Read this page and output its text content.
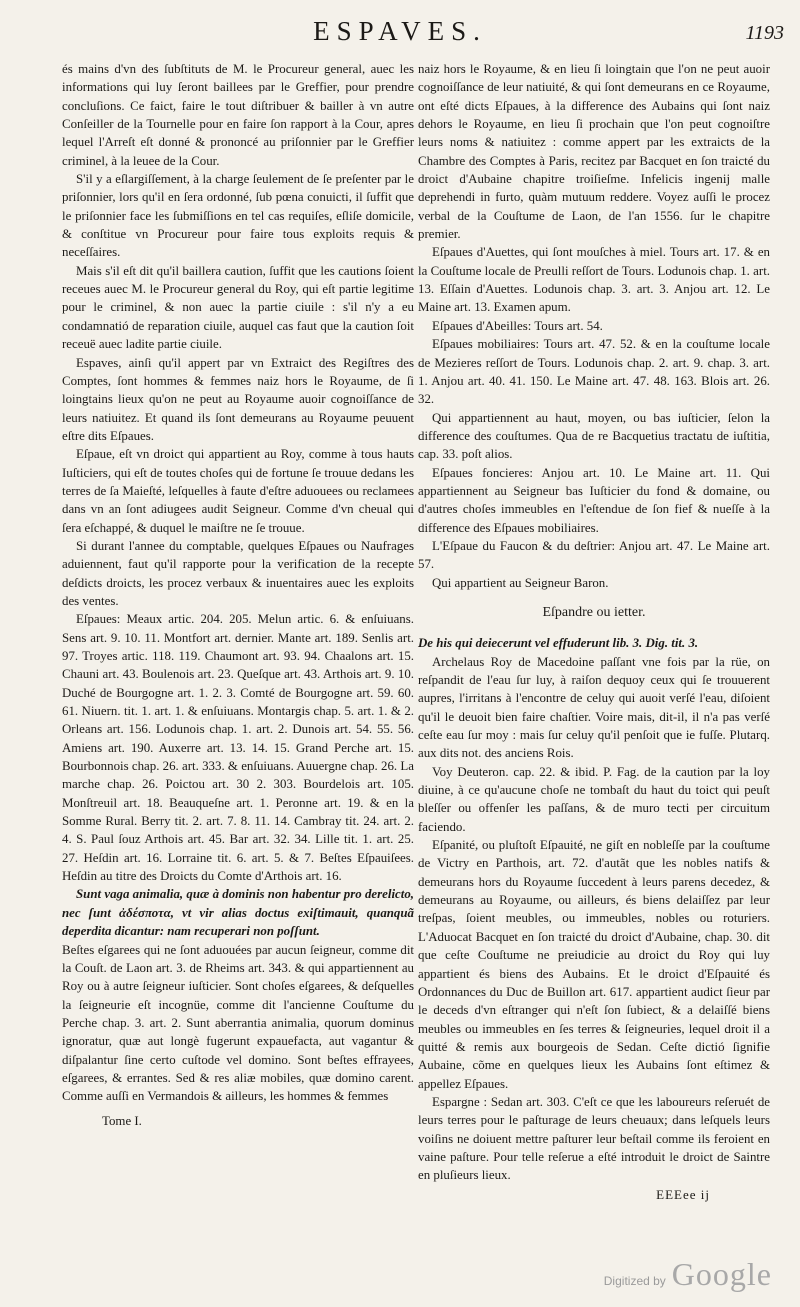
ESPAVES.	1193

és mains d'vn des ſubſtituts de M. le Procureur general, auec les informations qui luy ſeront baillees par le Greffier, pour prendre concluſions. Ce faict, faire le tout diſtribuer & bailler à vn autre Conſeiller de la Tournelle pour en faire ſon rapport à la Cour, apres lequel l'Arreſt eſt donné & prononcé au priſonnier par le Greffier criminel, à la leuee de la Cour.

S'il y a eſlargiſſement, à la charge ſeulement de ſe preſenter par le priſonnier, lors qu'il en ſera ordonné, ſub pœna conuicti, il ſuffit que le priſonnier face les ſubmiſſions en tel cas requiſes, eſliſe domicile, & conſtitue vn Procureur pour faire tous exploits requis & neceſſaires.

Mais s'il eſt dit qu'il baillera caution, ſuffit que les cautions ſoient receues auec M. le Procureur general du Roy, qui eſt partie legitime pour le criminel, & non auec la partie ciuile : s'il n'y a eu condamnatió de reparation ciuile, auquel cas faut que la caution ſoit receuë auec ladite partie ciuile.

Espaves, ainſi qu'il appert par vn Extraict des Regiſtres des Comptes, ſont hommes & femmes naiz hors le Royaume, de ſi loingtains lieux qu'on ne peut au Royaume auoir cognoiſſance de leurs natiuitez. Et quand ils ſont demeurans au Royaume peuuent eſtre dits Eſpaues.

Eſpaue, eſt vn droict qui appartient au Roy, comme à tous hauts Iuſticiers, qui eſt de toutes choſes qui de fortune ſe trouue dedans les terres de ſa Maieſté, leſquelles à faute d'eſtre aduouees ou reclamees dans vn an ſont adiugees audit Seigneur. Comme d'vn cheual qui ſera eſchappé, & duquel le maiſtre ne ſe trouue.

Si durant l'annee du comptable, quelques Eſpaues ou Naufrages aduiennent, faut qu'il rapporte pour la verification de la recepte deſdicts droicts, les procez verbaux & inuentaires auec les exploits des ventes.

Eſpaues: Meaux artic. 204. 205. Melun artic. 6. & enſuiuans. Sens art. 9. 10. 11. Montfort art. dernier. Mante art. 189. Senlis art. 97. Troyes artic. 118. 119. Chaumont art. 93. 94. Chaalons art. 15. Chauni art. 43. Boulenois art. 23. Queſque art. 43. Arthois art. 9. 10. Duché de Bourgogne art. 1. 2. 3. Comté de Bourgogne art. 59. 60. 61. Niuern. tit. 1. art. 1. & enſuiuans. Montargis chap. 5. art. 1. & 2. Orleans art. 156. Lodunois chap. 1. art. 2. Dunois art. 54. 55. 56. Amiens art. 190. Auxerre art. 13. 14. 15. Grand Perche art. 15. Bourbonnois chap. 26. art. 333. & enſuiuans. Auuergne chap. 26. La marche chap. 26. Poictou art. 30 2. 303. Bourdelois art. 105. Monſtreuil art. 18. Beauqueſne art. 1. Peronne art. 19. & en la Somme Rural. Berry tit. 2. art. 7. 8. 11. 14. Cambray tit. 24. art. 2. 4. S. Paul ſouz Arthois art. 45. Bar art. 32. 34. Lille tit. 1. art. 25. 27. Heſdin art. 16. Lorraine tit. 6. art. 5. & 7. Beſtes Eſpauiſees. Heſdin au titre des Droicts du Comte d'Arthois art. 16.

Sunt vaga animalia, quæ à dominis non habentur pro derelicto, nec ſunt ἀδέσποτα, vt vir alias doctus exiſtimauit, quanquã deperdita dicantur: nam recuperari non poſſunt.

Beſtes eſgarees qui ne ſont aduouées par aucun ſeigneur, comme dit la Couſt. de Laon art. 3. de Rheims art. 343. & qui appartiennent au Roy ou à autre ſeigneur iuſticier. Sont choſes eſgarees, & deſquelles la ſeigneurie eſt incognüe, comme dit l'ancienne Couſtume du Perche chap. 3. art. 2. Sunt aberrantia animalia, quorum dominus ignoratur, quæ aut longè fugerunt expauefacta, aut vagantur & diſpalantur ſine certo cuſtode vel domino. Sont beſtes effrayees, eſgarees, & errantes. Sed & res aliæ mobiles, quæ domino carent. Comme auſſi en Vermandois & ailleurs, les hommes & femmes

Tome I.

naiz hors le Royaume, & en lieu ſi loingtain que l'on ne peut auoir cognoiſſance de leur natiuité, & qui ſont demeurans en ce Royaume, ont eſté dicts Eſpaues, à la difference des Aubains qui ſont naiz dehors le Royaume, en lieu ſi prochain que l'on peut cognoiſtre leurs noms & natiuitez : comme appert par les extraicts de la Chambre des Comptes à Paris, recitez par Bacquet en ſon traicté du droict d'Aubaine chapitre troiſieſme. Infelicis ingenij malle deprehendi in furto, quàm mutuum reddere. Voyez auſſi le procez verbal de la Couſtume de Laon, de l'an 1556. ſur le chapitre premier.

Eſpaues d'Auettes, qui ſont mouſches à miel. Tours art. 17. & en la Couſtume locale de Preulli reſſort de Tours. Lodunois chap. 1. art. 13. Eſſain d'Auettes. Lodunois chap. 3. art. 3. Anjou art. 12. Le Maine art. 13. Examen apum.

Eſpaues d'Abeilles: Tours art. 54.

Eſpaues mobiliaires: Tours art. 47. 52. & en la couſtume locale de Mezieres reſſort de Tours. Lodunois chap. 2. art. 9. chap. 3. art. 1. Anjou art. 40. 41. 150. Le Maine art. 47. 48. 163. Blois art. 26. 32.

Qui appartiennent au haut, moyen, ou bas iuſticier, ſelon la difference des couſtumes. Qua de re Bacquetius tractatu de iuſtitia, cap. 33. poſt alios.

Eſpaues foncieres: Anjou art. 10. Le Maine art. 11. Qui appartiennent au Seigneur bas Iuſticier du fond & domaine, ou d'autres choſes immeubles en l'eſtendue de ſon fief & nueſſe à la difference des Eſpaues mobiliaires.

L'Eſpaue du Faucon & du deſtrier: Anjou art. 47. Le Maine art. 57.

Qui appartient au Seigneur Baron.

Eſpandre ou ietter.

De his qui deiecerunt vel effuderunt lib. 3. Dig. tit. 3.

Archelaus Roy de Macedoine paſſant vne fois par la rüe, on reſpandit de l'eau ſur luy, à raiſon dequoy ceux qui ſe trouuerent aupres, l'irritans à l'encontre de celuy qui auoit verſé l'eau, diſoient qu'il le deuoit bien faire chaſtier. Voire mais, dit-il, il n'a pas verſé ceſte eau ſur moy : mais ſur celuy qu'il penſoit que ie fuſſe. Plutarq. aux dits not. des anciens Rois.

Voy Deuteron. cap. 22. & ibid. P. Fag. de la caution par la loy diuine, à ce qu'aucune choſe ne tombaſt du haut du toict qui peuſt bleſſer ou offenſer les paſſans, & de muro tecti per circuitum faciendo.

Eſpanité, ou pluſtoſt Eſpauité, ne giſt en nobleſſe par la couſtume de Victry en Parthois, art. 72. d'autãt que les nobles natifs & demeurans hors du Royaume ſuccedent à leurs parens decedez, & demeurans au Royaume, ou ailleurs, és biens delaiſſez par leur treſpas, ſoient meubles, ou immeubles, nobles ou roturiers. L'Aduocat Bacquet en ſon traicté du droict d'Aubaine, chap. 30. dit que ceſte Couſtume ne preiudicie au droict du Roy qui luy appartient és biens des Aubains. Et le droict d'Eſpauité és Ordonnances du Duc de Buillon art. 617. appartient audict ſieur par le deceds d'vn eſtranger qui n'eſt ſon ſubiect, & a delaiſſé biens meubles ou immeubles en ſes terres & ſeigneuries, lequel droit il a quitté & remis aux bourgeois de Sedan. Ceſte dictió ſignifie Aubaine, cõme en quelques lieux les Aubains ſont eſtimez & appellez Eſpaues.

Espargne : Sedan art. 303. C'eſt ce que les laboureurs reſeruét de leurs terres pour le paſturage de leurs cheuaux; dans leſquels leurs voiſins ne doiuent mettre paſturer leur beſtail comme ils feroient en vaine paſture. Pour telle reſerue a eſté introduit le droict de Saintre en pluſieurs lieux.

EEEee ij
Digitized by Google
